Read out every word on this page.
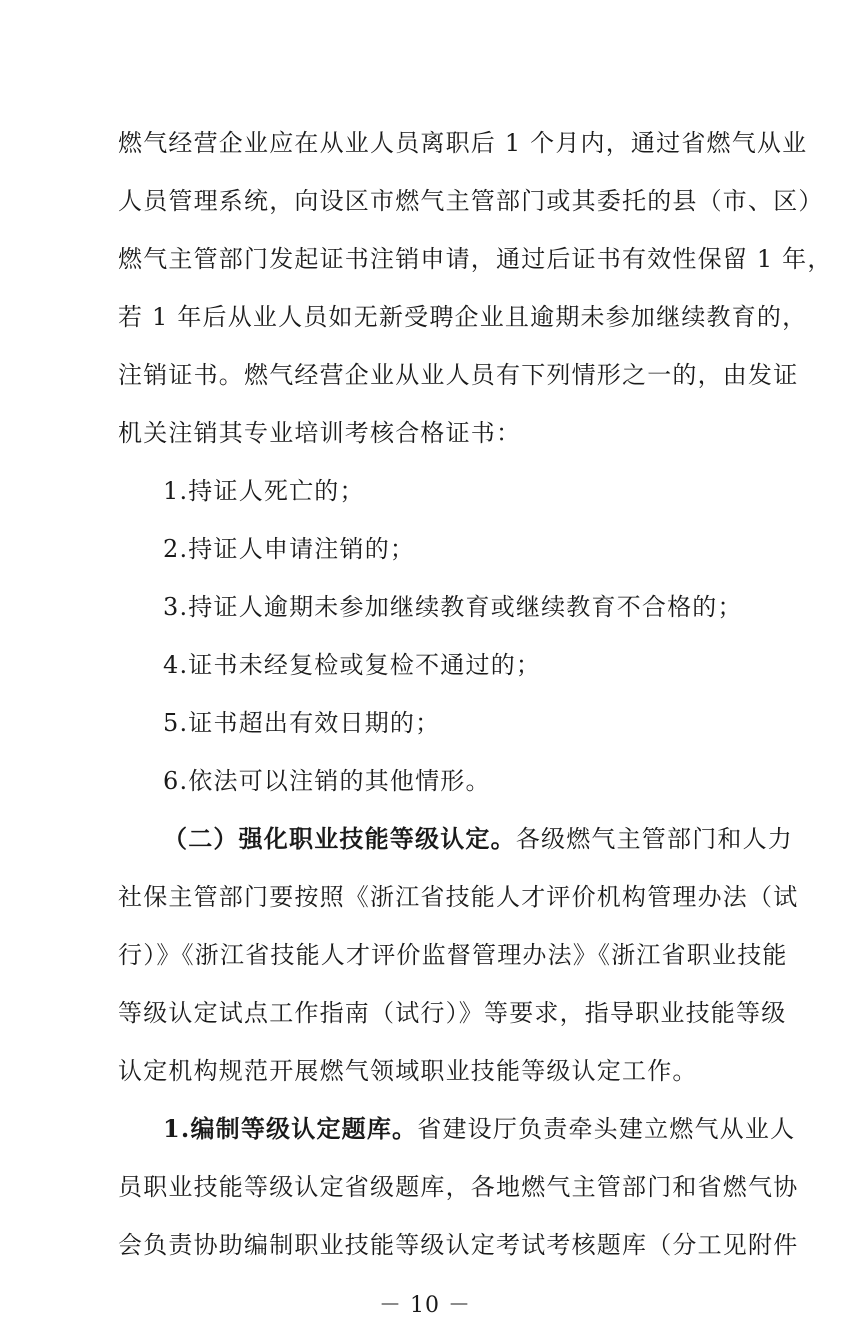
燃气经营企业应在从业人员离职后 1 个月内，通过省燃气从业
人员管理系统，向设区市燃气主管部门或其委托的县（市、区）
燃气主管部门发起证书注销申请，通过后证书有效性保留 1 年，
若 1 年后从业人员如无新受聘企业且逾期未参加继续教育的，
注销证书。燃气经营企业从业人员有下列情形之一的，由发证
机关注销其专业培训考核合格证书：
1.持证人死亡的；
2.持证人申请注销的；
3.持证人逾期未参加继续教育或继续教育不合格的；
4.证书未经复检或复检不通过的；
5.证书超出有效日期的；
6.依法可以注销的其他情形。
（二）强化职业技能等级认定。各级燃气主管部门和人力
社保主管部门要按照《浙江省技能人才评价机构管理办法（试
行）》《浙江省技能人才评价监督管理办法》《浙江省职业技能
等级认定试点工作指南（试行）》等要求，指导职业技能等级
认定机构规范开展燃气领域职业技能等级认定工作。
－ 10 －
1.编制等级认定题库。省建设厅负责牵头建立燃气从业人
员职业技能等级认定省级题库，各地燃气主管部门和省燃气协
会负责协助编制职业技能等级认定考试考核题库（分工见附件
